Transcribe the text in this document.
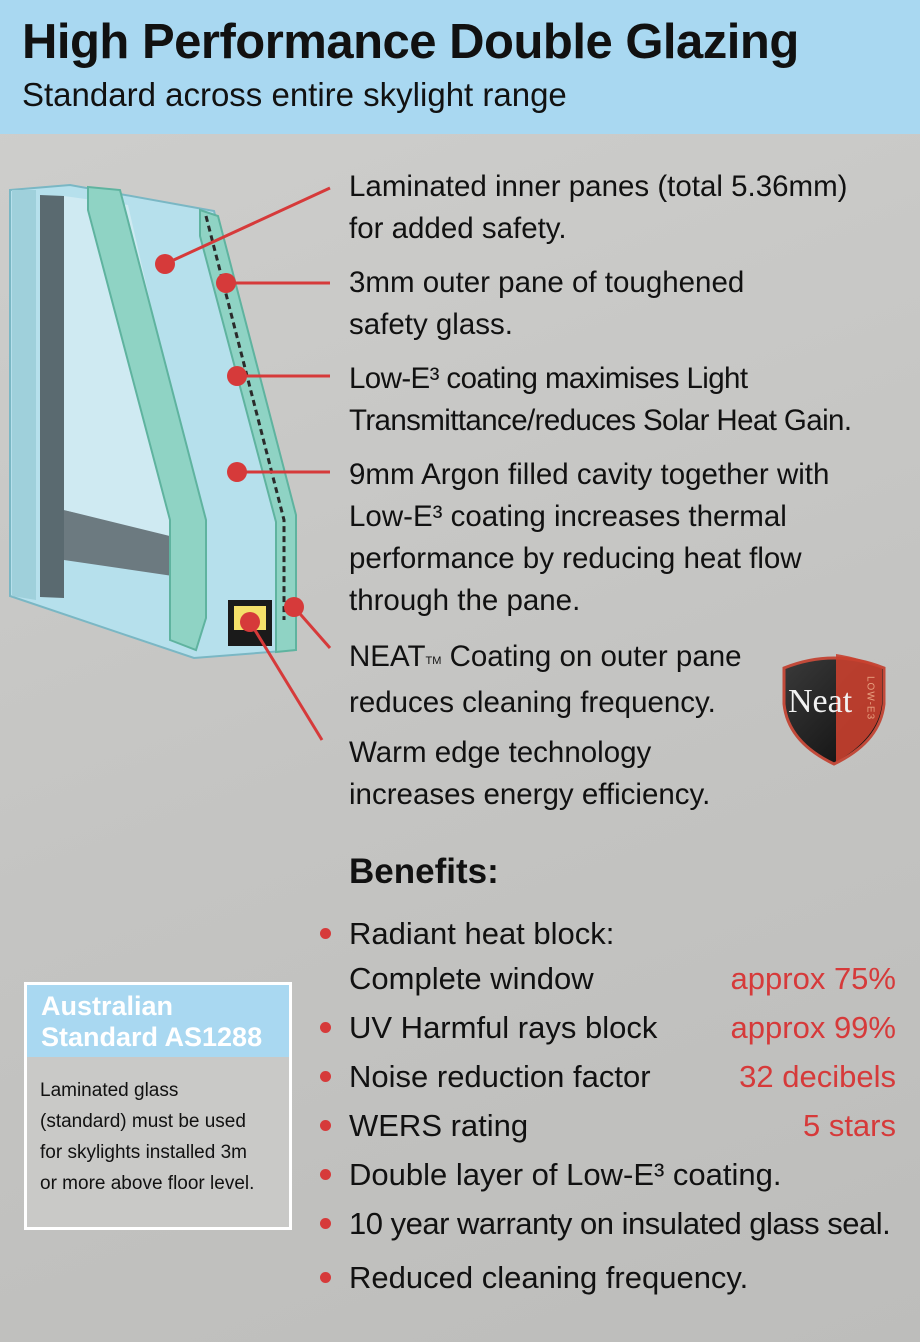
High Performance Double Glazing
Standard across entire skylight range
Laminated inner panes (total 5.36mm)
for added safety.
3mm outer pane of toughened
safety glass.
Low-E³ coating maximises Light
Transmittance/reduces Solar Heat Gain.
9mm Argon filled cavity together with
Low-E³ coating increases thermal
performance by reducing heat flow
through the pane.
NEAT™ Coating on outer pane
reduces cleaning frequency.
Warm edge technology
increases energy efficiency.
Neat LOW-E3
Benefits:
Radiant heat block:
Complete window	approx 75%
UV Harmful rays block approx 99%
Noise reduction factor	32 decibels
WERS rating	5 stars
Double layer of Low-E³ coating.
10 year warranty on insulated glass seal.
Reduced cleaning frequency.
Australian
Standard AS1288
Laminated glass
(standard) must be used
for skylights installed 3m
or more above floor level.
